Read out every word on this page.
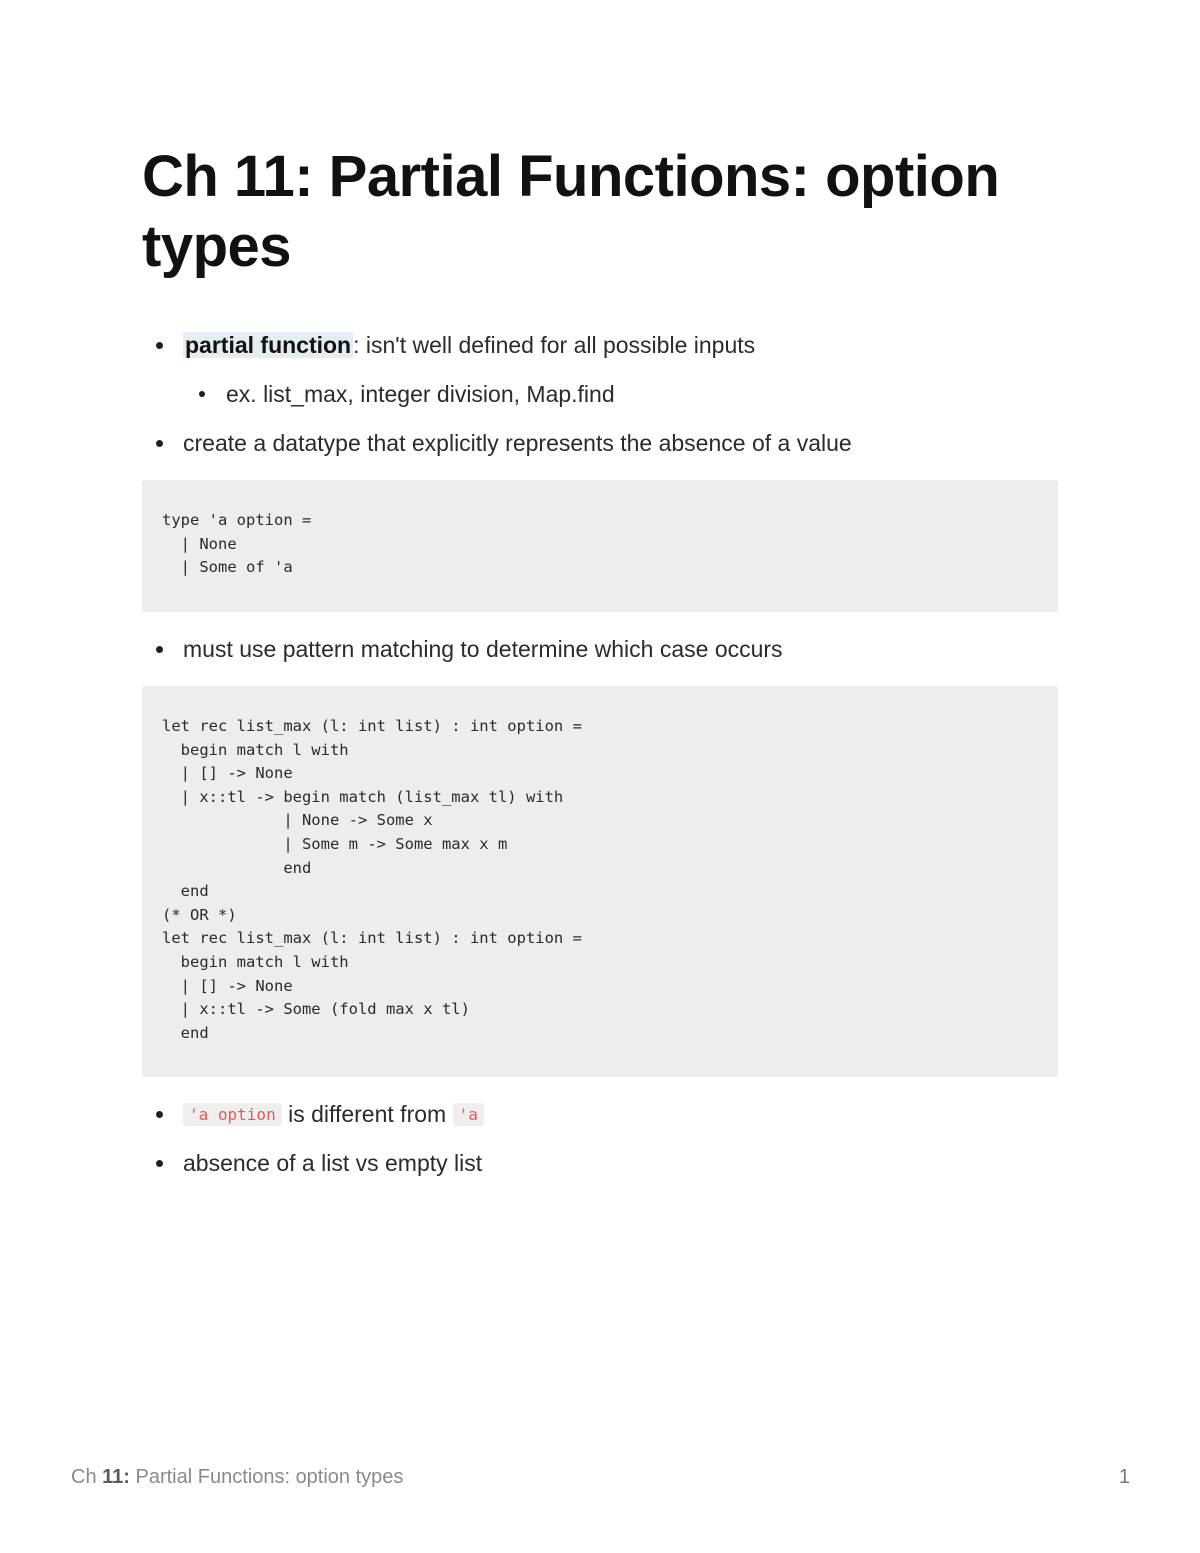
Ch 11: Partial Functions: option types
partial function: isn't well defined for all possible inputs
ex. list_max, integer division, Map.find
create a datatype that explicitly represents the absence of a value
type 'a option =
| None
| Some of 'a
must use pattern matching to determine which case occurs
let rec list_max (l: int list) : int option =
begin match l with
| [] -> None
| x::tl -> begin match (list_max tl) with
| None -> Some x
| Some m -> Some max x m
end
end
(* OR *)
let rec list_max (l: int list) : int option =
begin match l with
| [] -> None
| x::tl -> Some (fold max x tl)
end
'a option is different from 'a
absence of a list vs empty list
Ch 11: Partial Functions: option types	1
